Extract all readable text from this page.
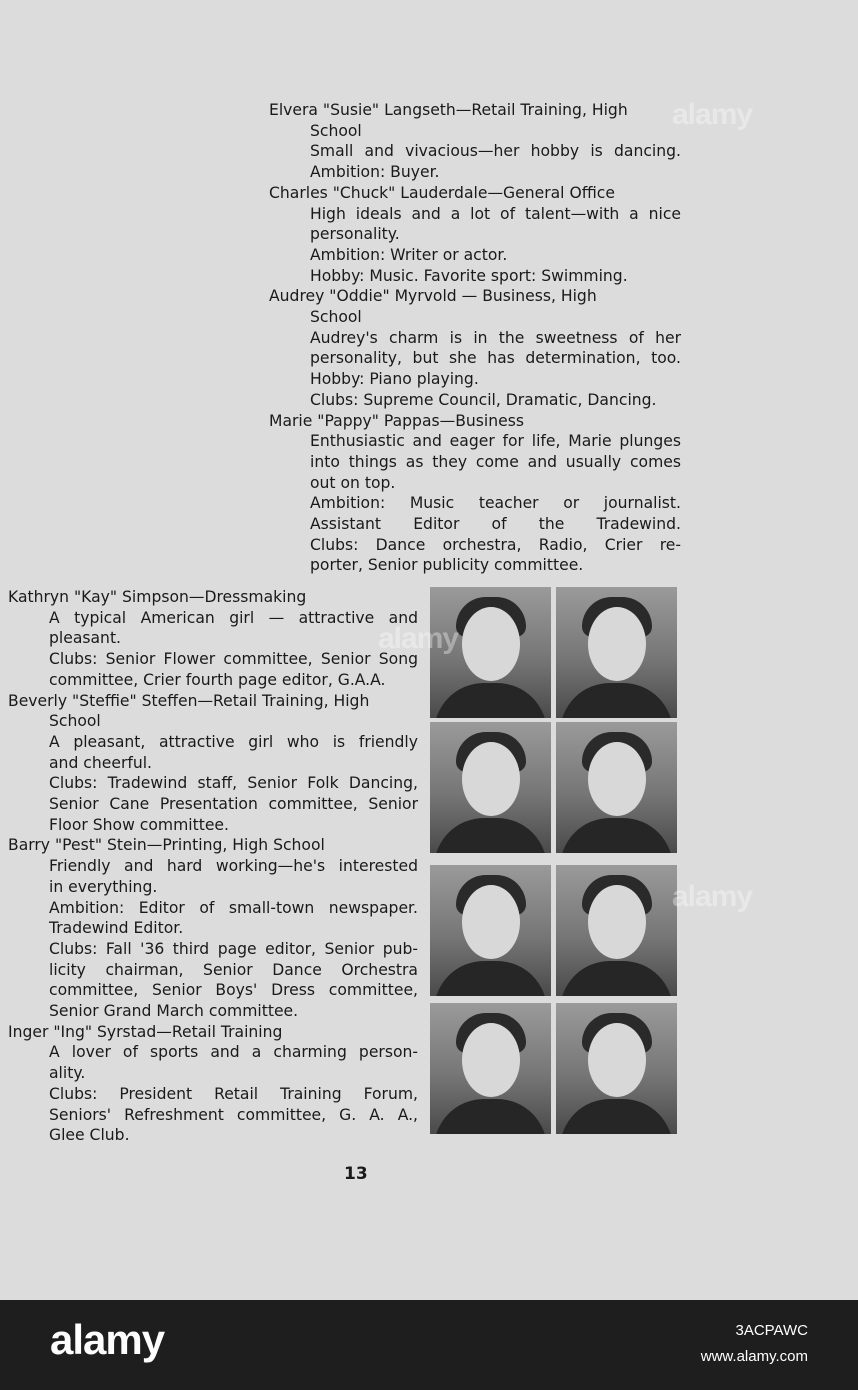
Elvera "Susie" Langseth—Retail Training, High
School
Small and vivacious—her hobby is dancing.
Ambition: Buyer.
Charles "Chuck" Lauderdale—General Office
High ideals and a lot of talent—with a nice
personality.
Ambition: Writer or actor.
Hobby: Music. Favorite sport: Swimming.
Audrey "Oddie" Myrvold — Business, High
School
Audrey's charm is in the sweetness of her
personality, but she has determination, too.
Hobby: Piano playing.
Clubs: Supreme Council, Dramatic, Dancing.
Marie "Pappy" Pappas—Business
Enthusiastic and eager for life, Marie plunges
into things as they come and usually comes
out on top.
Ambition: Music teacher or journalist.
Assistant Editor of the Tradewind.
Clubs: Dance orchestra, Radio, Crier re-
porter, Senior publicity committee.
Kathryn "Kay" Simpson—Dressmaking
A typical American girl — attractive and
pleasant.
Clubs: Senior Flower committee, Senior Song
committee, Crier fourth page editor, G.A.A.
Beverly "Steffie" Steffen—Retail Training, High
School
A pleasant, attractive girl who is friendly
and cheerful.
Clubs: Tradewind staff, Senior Folk Dancing,
Senior Cane Presentation committee, Senior
Floor Show committee.
Barry "Pest" Stein—Printing, High School
Friendly and hard working—he's interested
in everything.
Ambition: Editor of small-town newspaper.
Tradewind Editor.
Clubs: Fall '36 third page editor, Senior pub-
licity chairman, Senior Dance Orchestra
committee, Senior Boys' Dress committee,
Senior Grand March committee.
Inger "Ing" Syrstad—Retail Training
A lover of sports and a charming person-
ality.
Clubs: President Retail Training Forum,
Seniors' Refreshment committee, G. A. A.,
Glee Club.
13
alamy
alamy
alamy
alamy	3ACPAWC
www.alamy.com
